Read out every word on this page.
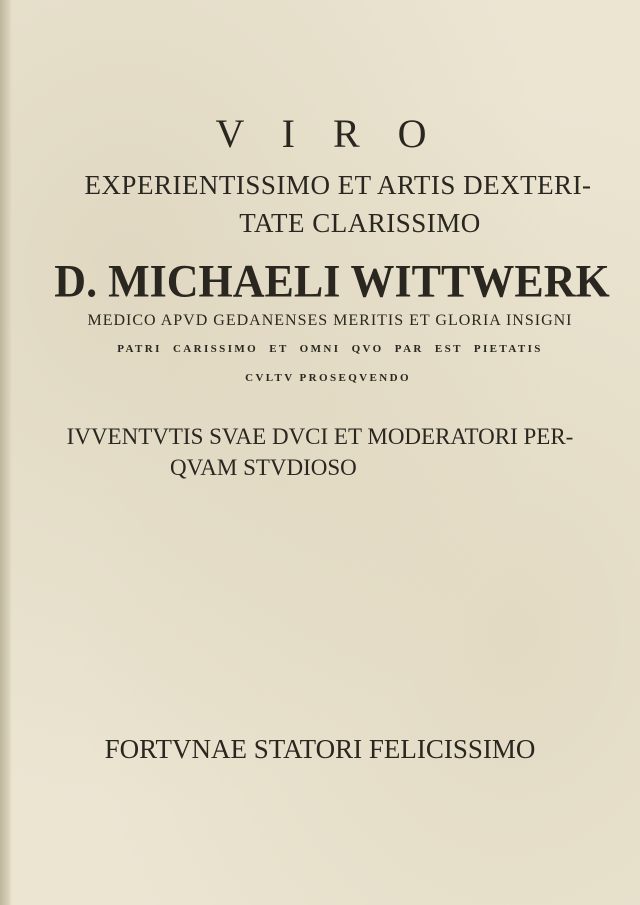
V I R O
EXPERIENTISSIMO ET ARTIS DEXTERI-
TATE CLARISSIMO
D. MICHAELI WITTWERK
MEDICO APVD GEDANENSES MERITIS ET GLORIA INSIGNI
PATRI CARISSIMO ET OMNI QVO PAR EST PIETATIS
CVLTV PROSEQVENDO
IVVENTVTIS SVAE DVCI ET MODERATORI PER-
QVAM STVDIOSO
FORTVNAE STATORI FELICISSIMO
